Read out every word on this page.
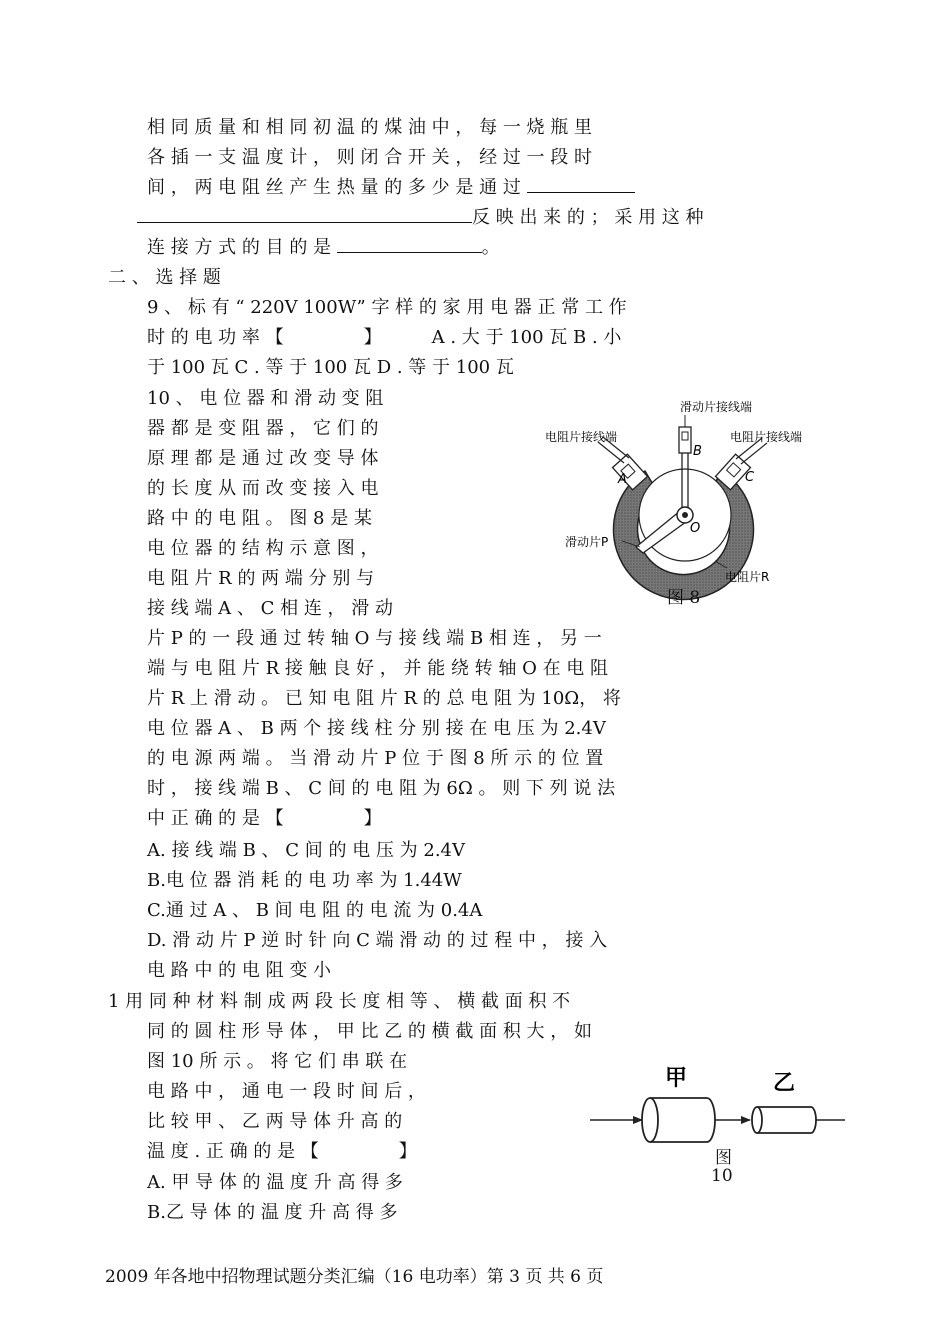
相 同 质 量 和 相 同 初 温 的 煤 油 中 ， 每 一 烧 瓶 里
各 插 一 支 温 度 计 ， 则 闭 合 开 关 ， 经 过 一 段 时
间 ， 两 电 阻 丝 产 生 热 量 的 多 少 是 通 过
反 映 出 来 的 ； 采 用 这 种
连 接 方 式 的 目 的 是	。
二 、 选 择 题
9 、 标 有 “ 220V 100W” 字 样 的 家 用 电 器 正 常 工 作
时 的 电 功 率 【	】	A . 大 于 100 瓦 B . 小
于 100 瓦 C . 等 于 100 瓦 D . 等 于 100 瓦
10 、 电 位 器 和 滑 动 变 阻
器 都 是 变 阻 器 ， 它 们 的
原 理 都 是 通 过 改 变 导 体
的 长 度 从 而 改 变 接 入 电
路 中 的 电 阻 。 图 8 是 某
电 位 器 的 结 构 示 意 图 ，
电 阻 片 R 的 两 端 分 别 与
接 线 端 A 、 C 相 连 ， 滑 动
片 P 的 一 段 通 过 转 轴 O 与 接 线 端 B 相 连 ， 另 一
端 与 电 阻 片 R 接 触 良 好 ， 并 能 绕 转 轴 O 在 电 阻
片 R 上 滑 动 。 已 知 电 阻 片 R 的 总 电 阻 为 10Ω， 将
电 位 器 A 、 B 两 个 接 线 柱 分 别 接 在 电 压 为 2.4V
的 电 源 两 端 。 当 滑 动 片 P 位 于 图 8 所 示 的 位 置
时 ， 接 线 端 B 、 C 间 的 电 阻 为 6Ω 。 则 下 列 说 法
中 正 确 的 是 【	】
A. 接 线 端 B 、 C 间 的 电 压 为 2.4V
B.电 位 器 消 耗 的 电 功 率 为 1.44W
C.通 过 A 、 B 间 电 阻 的 电 流 为 0.4A
D. 滑 动 片 P 逆 时 针 向 C 端 滑 动 的 过 程 中 ， 接 入
电 路 中 的 电 阻 变 小
1 用 同 种 材 料 制 成 两 段 长 度 相 等 、 横 截 面 积 不
同 的 圆 柱 形 导 体 ， 甲 比 乙 的 横 截 面 积 大 ， 如
图 10 所 示 。 将 它 们 串 联 在
电 路 中 ， 通 电 一 段 时 间 后 ，
比 较 甲 、 乙 两 导 体 升 高 的
温 度 . 正 确 的 是 【	】
A. 甲 导 体 的 温 度 升 高 得 多
B.乙 导 体 的 温 度 升 高 得 多
滑动片接线端
电阻片接线端	电阻片接线端
A
B
C
O
滑动片P
电阻片R
图 8
甲	乙
图
10
2009 年各地中招物理试题分类汇编（16 电功率）第 3 页 共 6 页
